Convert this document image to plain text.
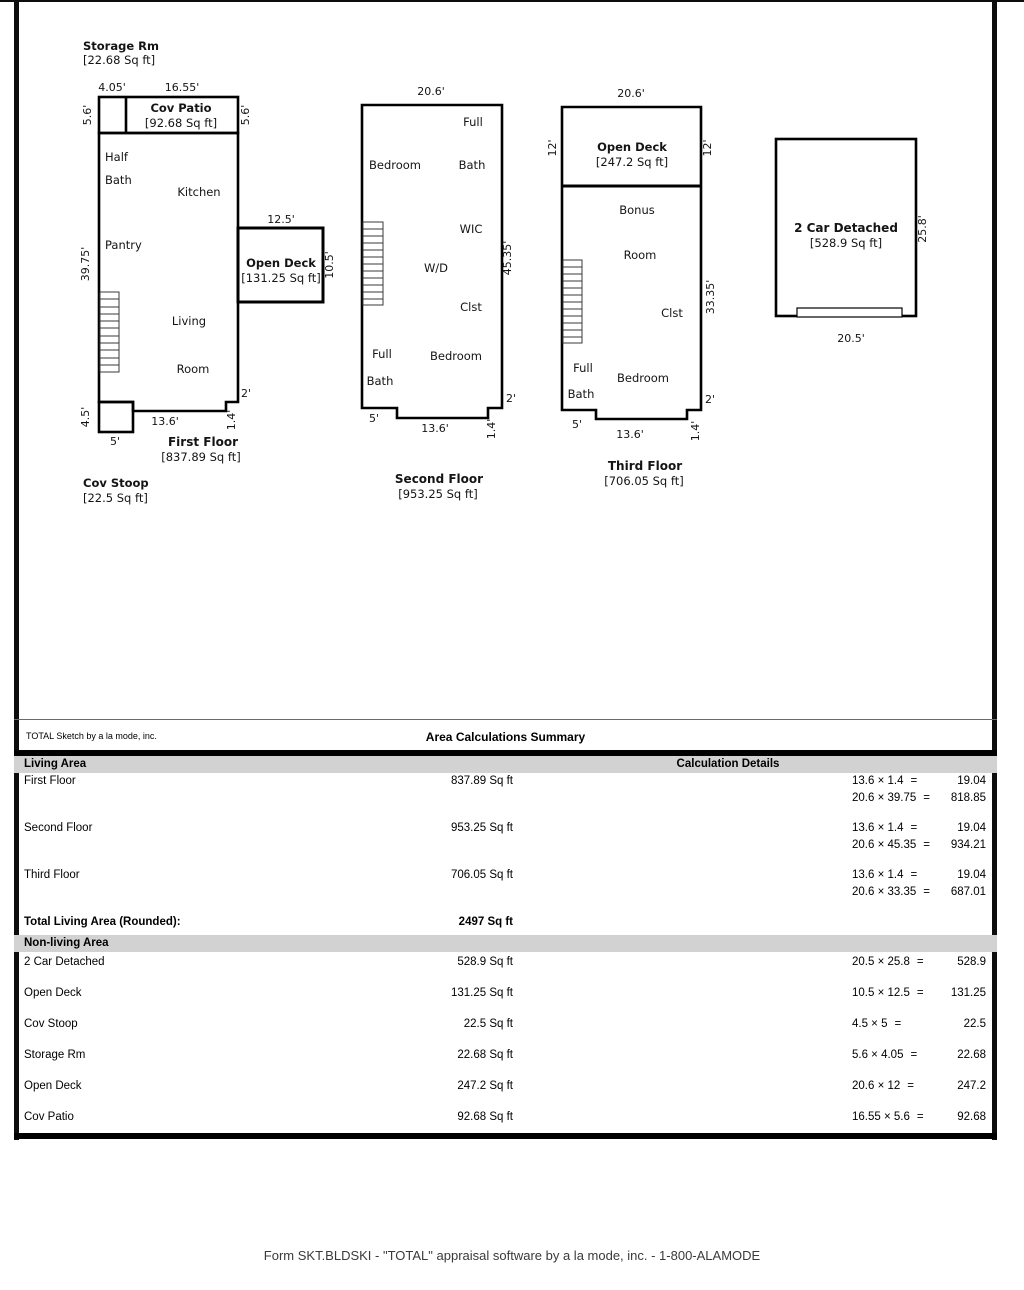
Storage Rm
[22.68 Sq ft]
4.05'	16.55'
5.6'	5.6'
Cov Patio
[92.68 Sq ft]
Half
Bath
Kitchen
Pantry
39.75'
Living
Room
12.5'
Open Deck
[131.25 Sq ft] 10.5'
2'
1.4'
13.6'
4.5'
5'	First Floor
[837.89 Sq ft]
Cov Stoop
[22.5 Sq ft]
20.6'
Full
Bath
Bedroom
WIC
W/D
Clst
Full
Bath
Bedroom
45.35'
5'
13.6'	1.4'
2'
Second Floor
[953.25 Sq ft]
20.6'
Open Deck
[247.2 Sq ft]
12'	12'
Bonus
Room
33.35'
Clst
Full
Bath
Bedroom
5'
13.6'	1.4'
2'
Third Floor
[706.05 Sq ft]
2 Car Detached
[528.9 Sq ft]
25.8'
20.5'
TOTAL Sketch by a la mode, inc.	Area Calculations Summary
Living Area	Calculation Details
First Floor	837.89 Sq ft	13.6 × 1.4 =	19.04
20.6 × 39.75 = 818.85
Second Floor	953.25 Sq ft	13.6 × 1.4 =	19.04
20.6 × 45.35 = 934.21
Third Floor	706.05 Sq ft	13.6 × 1.4 =	19.04
20.6 × 33.35 = 687.01
Total Living Area (Rounded):	2497 Sq ft
Non-living Area
2 Car Detached	528.9 Sq ft	20.5 × 25.8 =	528.9
Open Deck	131.25 Sq ft	10.5 × 12.5 = 131.25
Cov Stoop	22.5 Sq ft	4.5 × 5 =	22.5
Storage Rm	22.68 Sq ft	5.6 × 4.05 =	22.68
Open Deck	247.2 Sq ft	20.6 × 12 =	247.2
Cov Patio	92.68 Sq ft	16.55 × 5.6 =	92.68
Form SKT.BLDSKI - "TOTAL" appraisal software by a la mode, inc. - 1-800-ALAMODE
